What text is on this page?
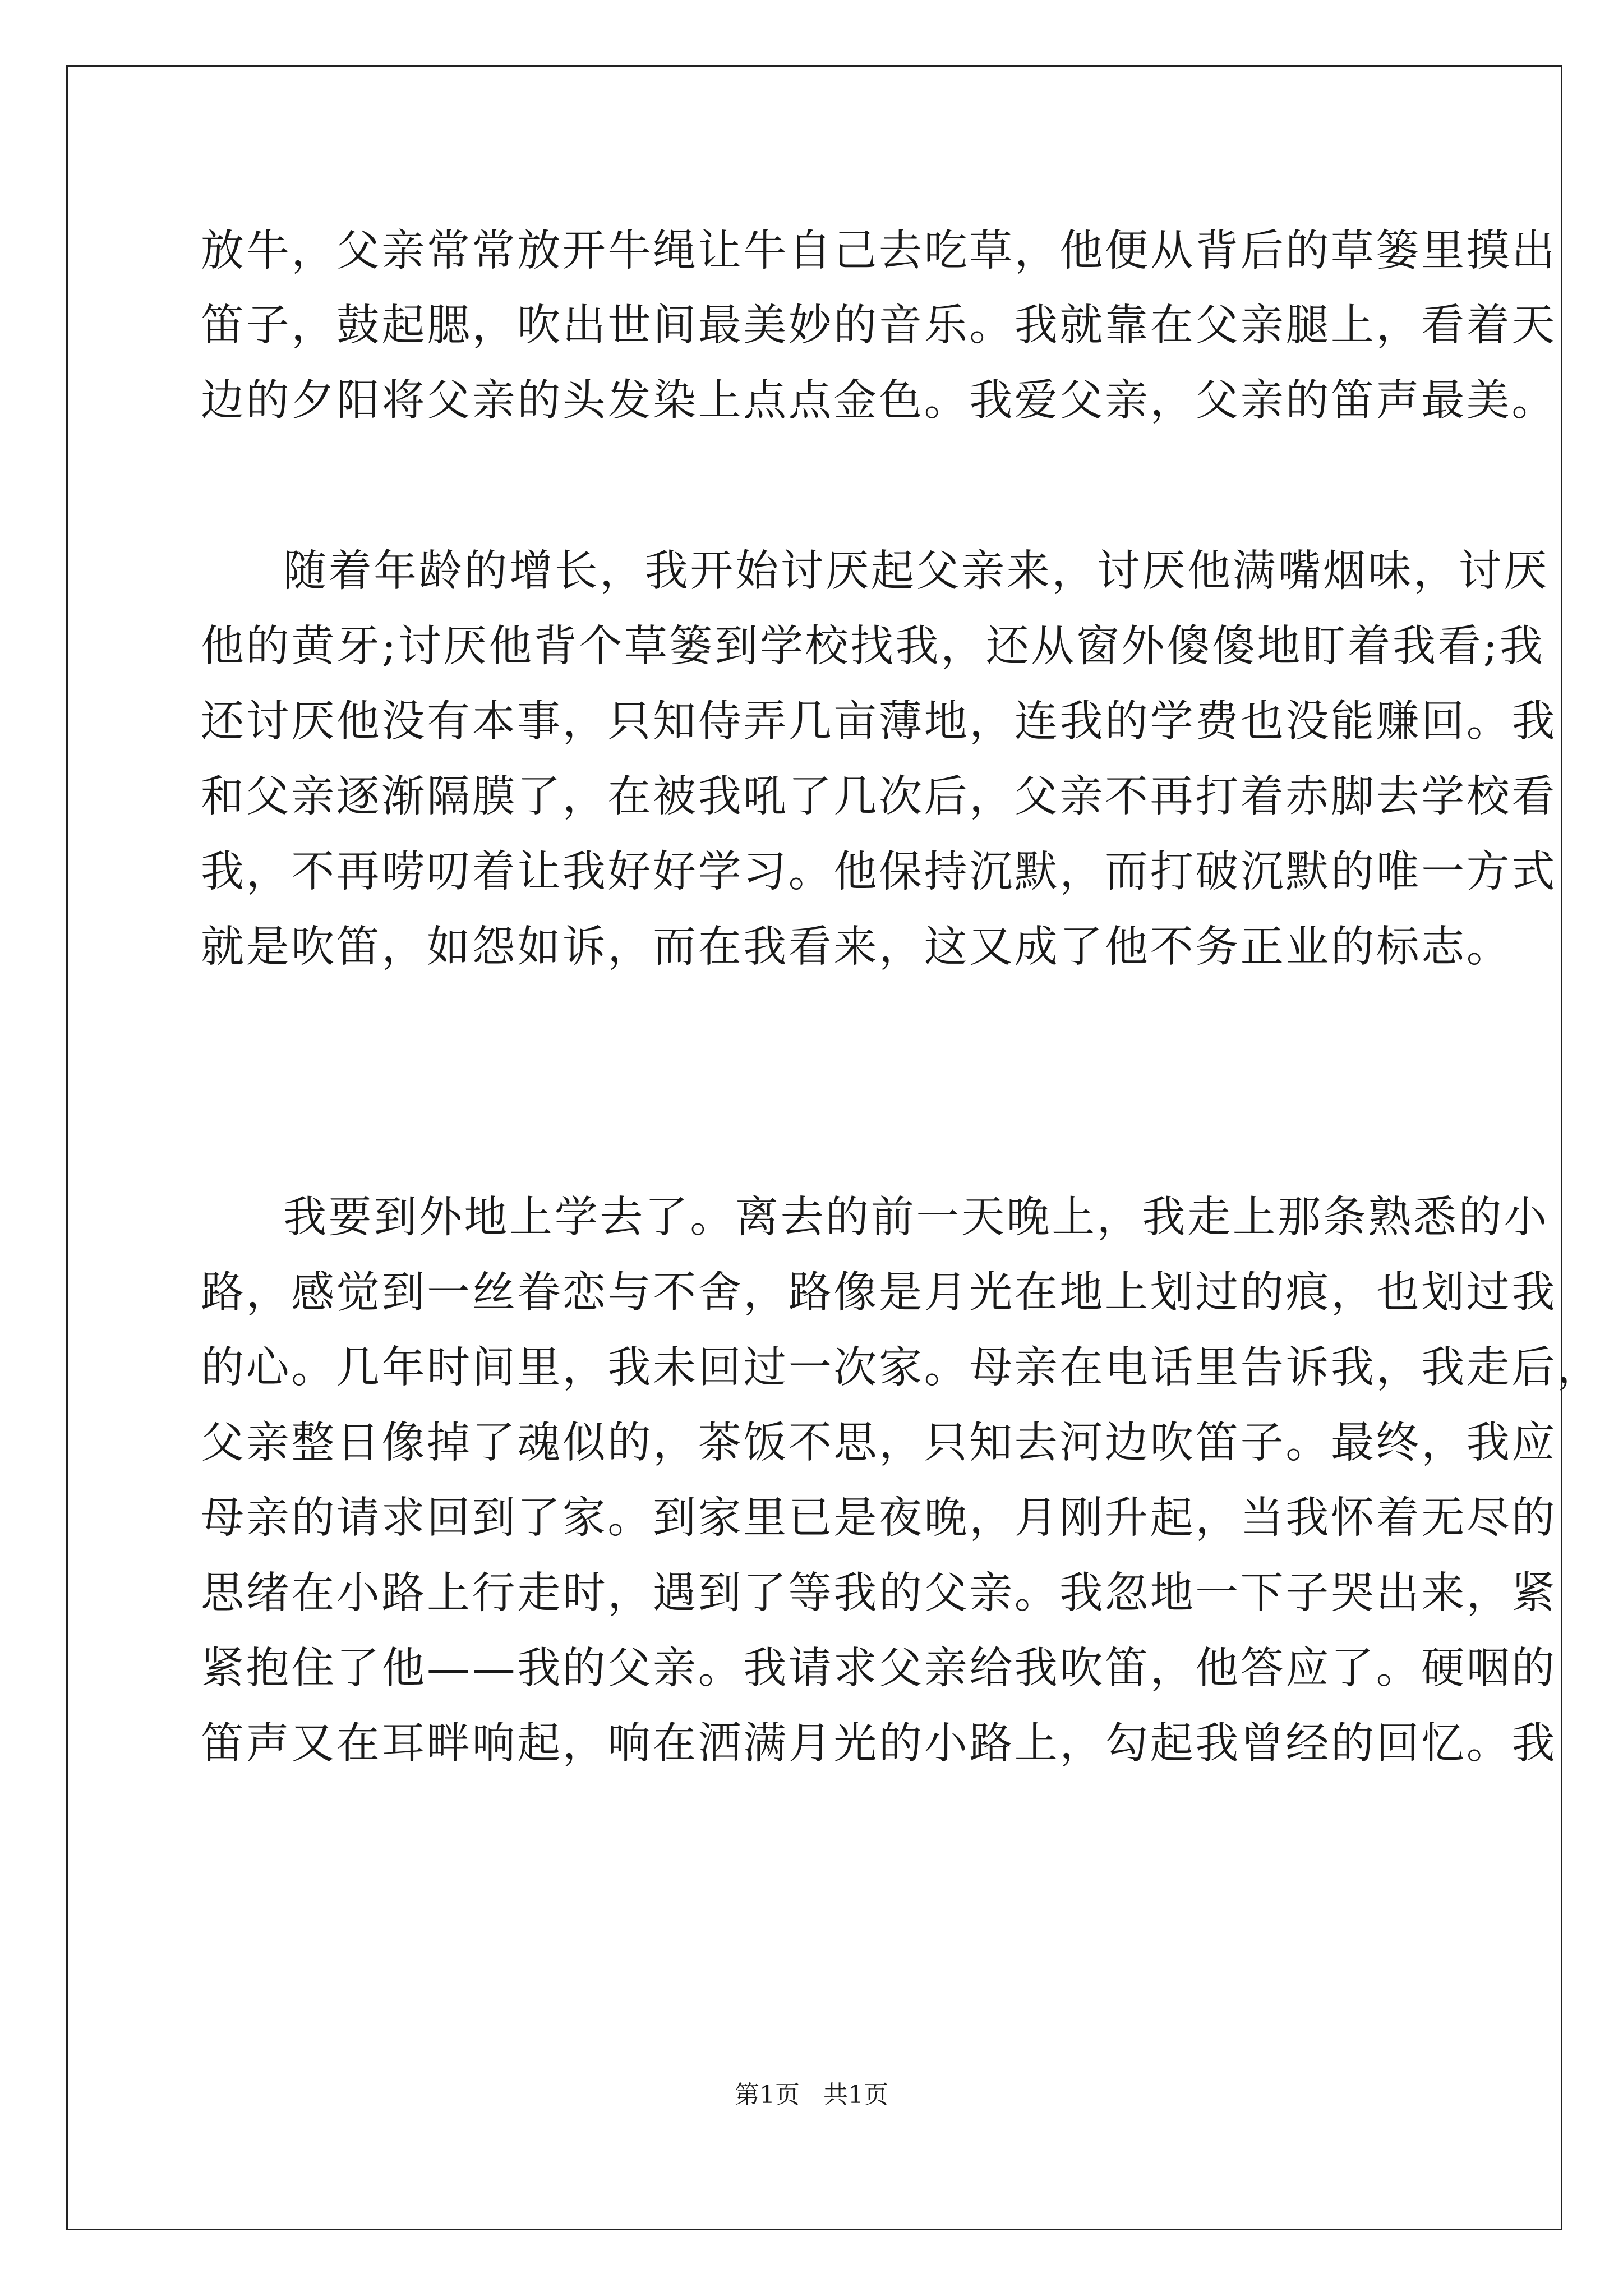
放牛，父亲常常放开牛绳让牛自己去吃草，他便从背后的草篓里摸出
笛子，鼓起腮，吹出世间最美妙的音乐。我就靠在父亲腿上，看着天
边的夕阳将父亲的头发染上点点金色。我爱父亲，父亲的笛声最美。
随着年龄的增长，我开始讨厌起父亲来，讨厌他满嘴烟味，讨厌
他的黄牙;讨厌他背个草篓到学校找我，还从窗外傻傻地盯着我看;我
还讨厌他没有本事，只知侍弄几亩薄地，连我的学费也没能赚回。我
和父亲逐渐隔膜了，在被我吼了几次后，父亲不再打着赤脚去学校看
我，不再唠叨着让我好好学习。他保持沉默，而打破沉默的唯一方式
就是吹笛，如怨如诉，而在我看来，这又成了他不务正业的标志。
我要到外地上学去了。离去的前一天晚上，我走上那条熟悉的小
路，感觉到一丝眷恋与不舍，路像是月光在地上划过的痕，也划过我
的心。几年时间里，我未回过一次家。母亲在电话里告诉我，我走后，
父亲整日像掉了魂似的，茶饭不思，只知去河边吹笛子。最终，我应
母亲的请求回到了家。到家里已是夜晚，月刚升起，当我怀着无尽的
思绪在小路上行走时，遇到了等我的父亲。我忽地一下子哭出来，紧
紧抱住了他——我的父亲。我请求父亲给我吹笛，他答应了。硬咽的
笛声又在耳畔响起，响在洒满月光的小路上，勾起我曾经的回忆。我
第1页   共1页
